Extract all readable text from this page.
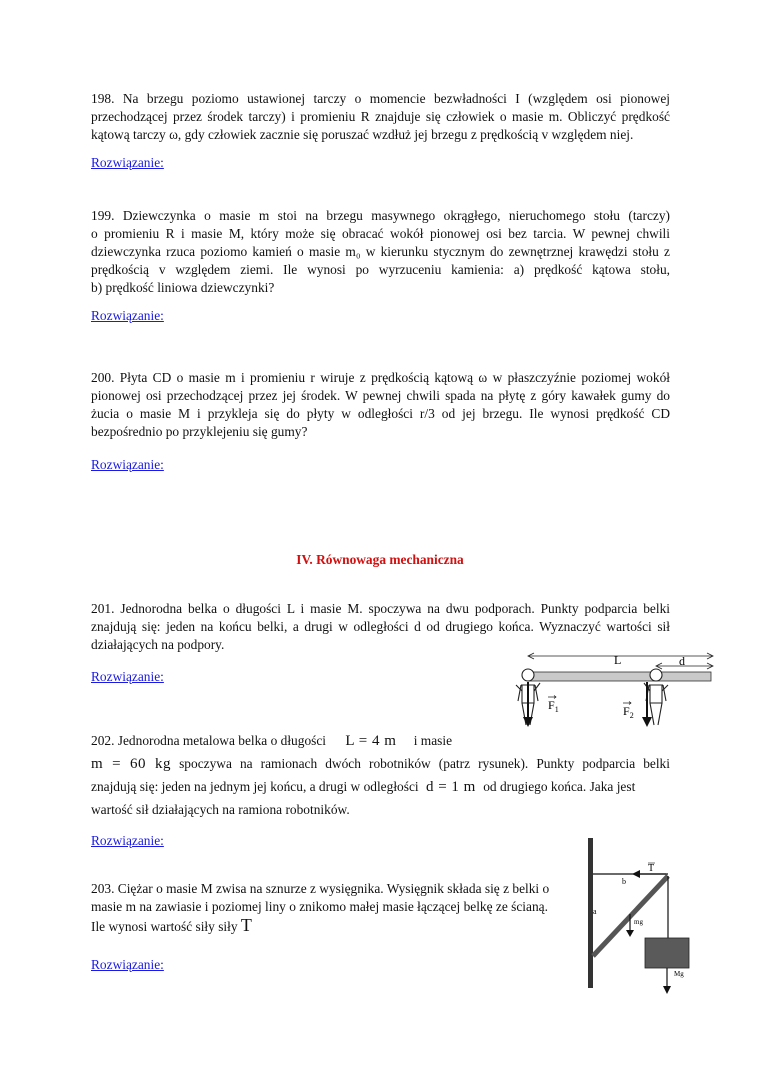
198. Na brzegu poziomo ustawionej tarczy o momencie bezwładności I (względem osi pionowej
przechodzącej przez środek tarczy) i promieniu R znajduje się człowiek o masie m. Obliczyć prędkość
kątową tarczy ω, gdy człowiek zacznie się poruszać wzdłuż jej brzegu z prędkością v względem niej.

Rozwiązanie:

199. Dziewczynka o masie m stoi na brzegu masywnego okrągłego, nieruchomego stołu (tarczy)
o promieniu R i masie M, który może się obracać wokół pionowej osi bez tarcia. W pewnej chwili
dziewczynka rzuca poziomo kamień o masie m₀ w kierunku stycznym do zewnętrznej krawędzi stołu z
prędkością v względem ziemi. Ile wynosi po wyrzuceniu kamienia: a) prędkość kątowa stołu,
b) prędkość liniowa dziewczynki?

Rozwiązanie:

200. Płyta CD o masie m i promieniu r wiruje z prędkością kątową ω w płaszczyźnie poziomej wokół
pionowej osi przechodzącej przez jej środek. W pewnej chwili spada na płytę z góry kawałek gumy do
żucia o masie M i przykleja się do płyty w odległości r/3 od jej brzegu. Ile wynosi prędkość CD
bezpośrednio po przyklejeniu się gumy?

Rozwiązanie:
IV. Równowaga mechaniczna

201. Jednorodna belka o długości L i masie M. spoczywa na dwu podporach. Punkty podparcia belki
znajdują się: jeden na końcu belki, a drugi w odległości d od drugiego końca. Wyznaczyć wartości sił
działających na podpory.

Rozwiązanie:
L	d
$F_1$	$F_2$
202. Jednorodna metalowa belka o długości L = 4 m i masie
m = 60 kg spoczywa na ramionach dwóch robotników (patrz rysunek). Punkty podparcia belki
znajdują się: jeden na jednym jej końcu, a drugi w odległości d = 1 m od drugiego końca. Jaka jest
wartość sił działających na ramiona robotników.
Rozwiązanie:
203. Ciężar o masie M zwisa na sznurze z wysięgnika. Wysięgnik składa się z belki o
masie m na zawiasie i poziomej liny o znikomo małej masie łączącej belkę ze ścianą.
Ile wynosi wartość siły siły T
Rozwiązanie:
T
b
a
mg
Mg
